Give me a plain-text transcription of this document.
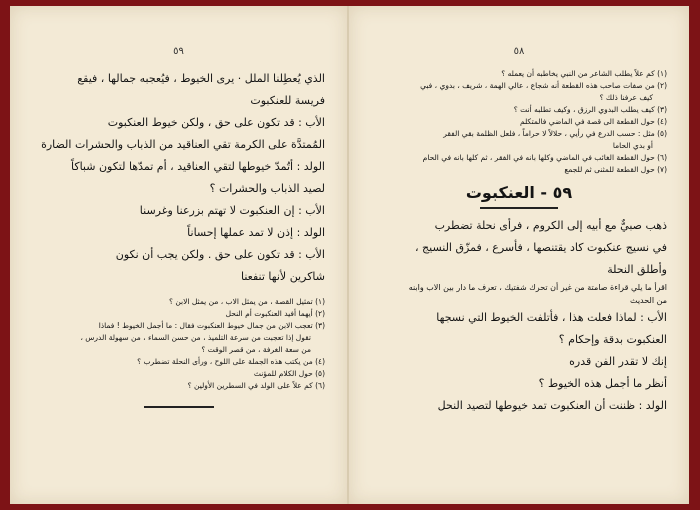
٥٩
الذي يُعطِلنا الملل · يرى الخيوط ، فيُعجبه جمالها ، فيقع
فريسة للعنكبوت
الأب : قد تكون على حق ، ولكن خيوط العنكبوت
المُمتدَّة على الكرمة تقي العناقيد من الذباب والحشرات الضارة
الولد : أتُمدّ خيوطها لتقي العناقيد ، أم تمدّها لتكون شباكاً
لصيد الذباب والحشرات ؟
الأب : إن العنكبوت لا تهتم بزرعنا وغرسنا
الولد : إذن لا تمد عملها إحساناً
الأب : قد تكون على حق . ولكن يجب أن نكون
شاكرين لأنها تنفعنا
(١) تمثيل القصة ، من يمثل الاب ، من يمثل الابن ؟
(٢) أيهما أفيد العنكبوت أم النحل
(٣) تعجب الابن من جمال خيوط العنكبوت فقال : ما أجمل الخيوط ! فماذا
تقول إذا تعجبت من سرعة التلميذ ، من حسن السماء ، من سهولة الدرس ،
من سعة الغرفة ، من قصر الوقت ؟
(٤) من يكتب هذه الجملة على اللوح ، ورأى النحلة تضطرب ؟
(٥) حول الكلام للمؤنث
(٦) كم علاً على الولد في السطرين الأولين ؟
٥٨
(١) كم علاً يطلب الشاعر من النبي يخاطبه أن يعمله ؟
(٢) من صفات صاحب هذه القطعة أنه شجاع ، عالي الهمة ، شريف ، بدوي ، فبي
كيف عرفنا ذلك ؟
(٣) كيف يطلب البدوي الرزق ، وكيف تطلبه أنت ؟
(٤) حول القطعة الى قصة في الماضي فالمتكلم
(٥) مثل : حسب الدرع في رأيي ، حلالاً لا حراماً ، فلعل الظلمة بقي الفقر
أو بدي الحاما
(٦) حول القطعة الغائب في الماضي وكلها بانه في الفقر ، ثم كلها بانه في الحام
(٧) حول القطعة للمثنى ثم للجمع
٥٩ - العنكبوت
ذهب صبيٌّ مع أبيه إلى الكروم ، فرأى نحلة تضطرب
في نسيج عنكبوت كاد يقتنصها ، فأسرع ، فمزّق النسيج ،
وأطلق النحلة
اقرأ ما يلي قراءة صامتة من غير أن تحرك شفتيك ، تعرف ما دار بين الاب وابنه
من الحديث
الأب : لماذا فعلت هذا ، فأتلفت الخيوط التي نسجها
العنكبوت بدقة وإحكام ؟
إنك لا تقدر الفن قدره
أنظر ما أجمل هذه الخيوط ؟
الولد : ظننت أن العنكبوت تمد خيوطها لتصيد النحل
